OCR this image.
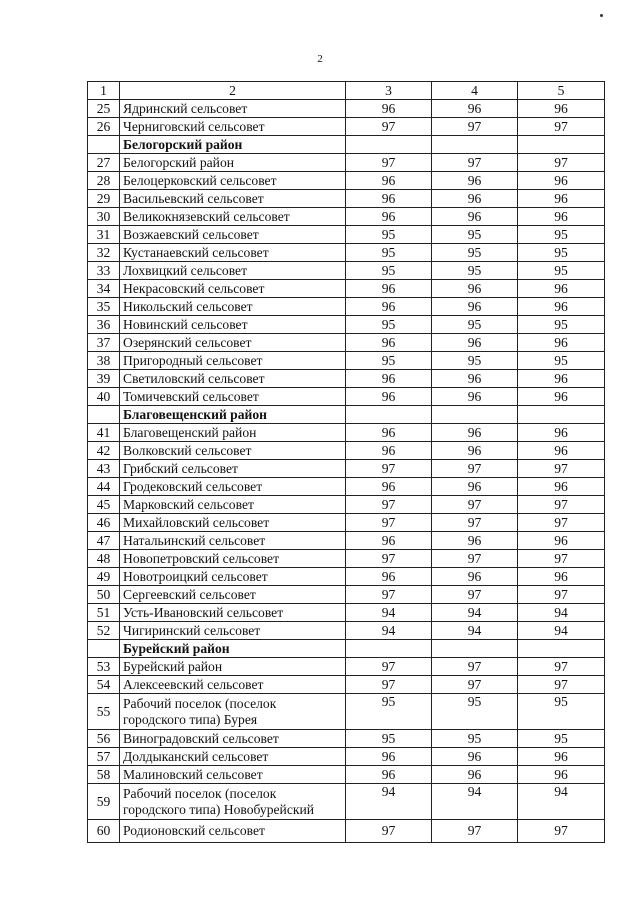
2
1	2	3	4	5
25	Ядринский сельсовет	96	96	96
26	Черниговский сельсовет	97	97	97
	Белогорский район			
27	Белогорский район	97	97	97
28	Белоцерковский сельсовет	96	96	96
29	Васильевский сельсовет	96	96	96
30	Великокнязевский сельсовет	96	96	96
31	Возжаевский сельсовет	95	95	95
32	Кустанаевский сельсовет	95	95	95
33	Лохвицкий сельсовет	95	95	95
34	Некрасовский сельсовет	96	96	96
35	Никольский сельсовет	96	96	96
36	Новинский сельсовет	95	95	95
37	Озерянский сельсовет	96	96	96
38	Пригородный сельсовет	95	95	95
39	Светиловский сельсовет	96	96	96
40	Томичевский сельсовет	96	96	96
	Благовещенский район			
41	Благовещенский район	96	96	96
42	Волковский сельсовет	96	96	96
43	Грибский сельсовет	97	97	97
44	Гродековский сельсовет	96	96	96
45	Марковский сельсовет	97	97	97
46	Михайловский сельсовет	97	97	97
47	Натальинский сельсовет	96	96	96
48	Новопетровский сельсовет	97	97	97
49	Новотроицкий сельсовет	96	96	96
50	Сергеевский сельсовет	97	97	97
51	Усть-Ивановский сельсовет	94	94	94
52	Чигиринский сельсовет	94	94	94
	Бурейский район			
53	Бурейский район	97	97	97
54	Алексеевский сельсовет	97	97	97
55	Рабочий поселок (поселок городского типа) Бурея	95	95	95
56	Виноградовский сельсовет	95	95	95
57	Долдыканский сельсовет	96	96	96
58	Малиновский сельсовет	96	96	96
59	Рабочий поселок (поселок городского типа) Новобурейский	94	94	94
60	Родионовский сельсовет	97	97	97
